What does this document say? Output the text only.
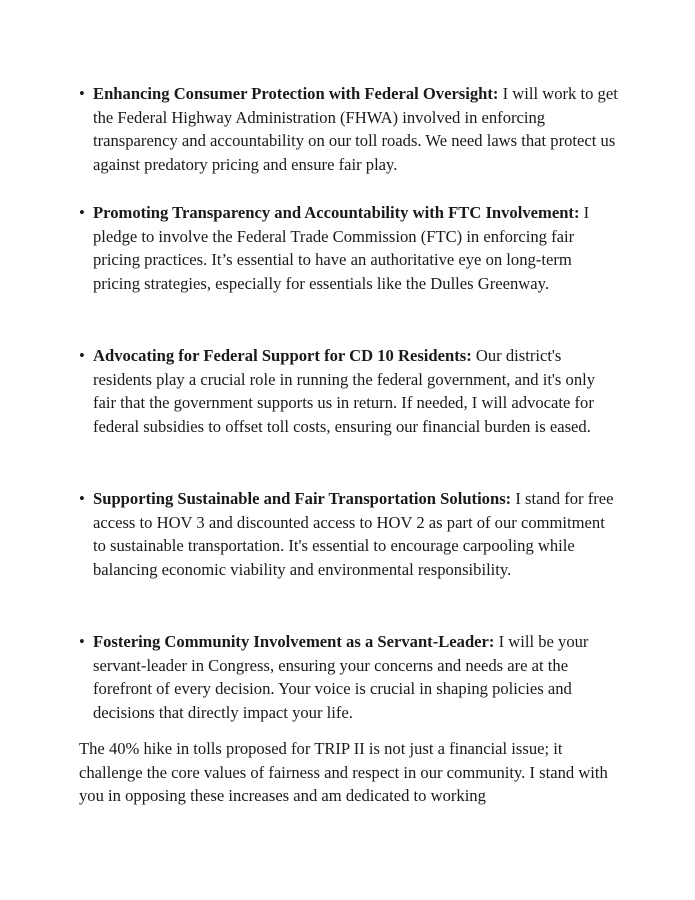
• Enhancing Consumer Protection with Federal Oversight: I will work to get the Federal Highway Administration (FHWA) involved in enforcing transparency and accountability on our toll roads. We need laws that protect us against predatory pricing and ensure fair play.
• Promoting Transparency and Accountability with FTC Involvement: I pledge to involve the Federal Trade Commission (FTC) in enforcing fair pricing practices. It’s essential to have an authoritative eye on long-term pricing strategies, especially for essentials like the Dulles Greenway.
• Advocating for Federal Support for CD 10 Residents: Our district's residents play a crucial role in running the federal government, and it's only fair that the government supports us in return. If needed, I will advocate for federal subsidies to offset toll costs, ensuring our financial burden is eased.
• Supporting Sustainable and Fair Transportation Solutions: I stand for free access to HOV 3 and discounted access to HOV 2 as part of our commitment to sustainable transportation. It's essential to encourage carpooling while balancing economic viability and environmental responsibility.
• Fostering Community Involvement as a Servant-Leader: I will be your servant-leader in Congress, ensuring your concerns and needs are at the forefront of every decision. Your voice is crucial in shaping policies and decisions that directly impact your life.

The 40% hike in tolls proposed for TRIP II is not just a financial issue; it challenge the core values of fairness and respect in our community. I stand with you in opposing these increases and am dedicated to working
